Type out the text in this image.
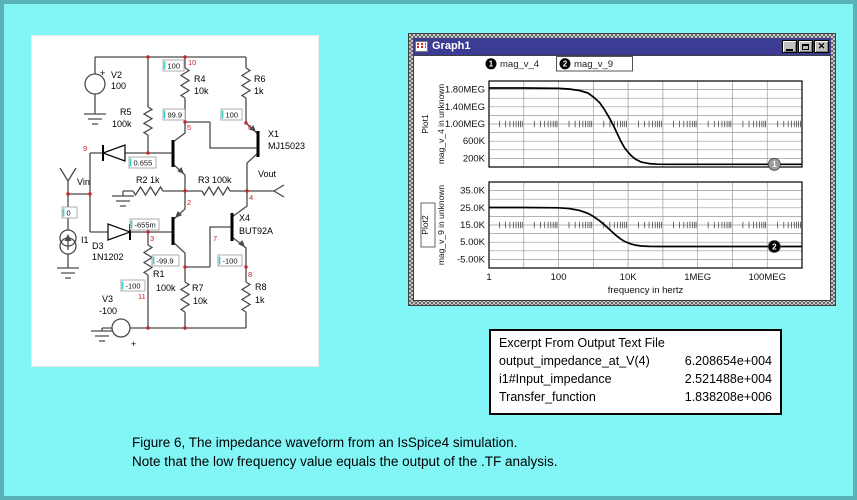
100
99.9	100
0.655
-655m
0
-99.9	-100
-100
+ V2
100
R5
100k
R4
10k
R6
1k
X1
MJ15023
Vout
R3 100k
R2 1k
Vin
I1
D3
1N1202
R1
100k R7
10k
R8
1k
V3
-100
X4
BUT92A
+
9
10
5	6
4
2
3	7
8
11
Graph1	✕
1 mag_v_4	2 mag_v_9
1.80MEG
1.40MEG
1.00MEG
600K
200K
mag_v_4 in unknown
Plot1
1
35.0K
25.0K
15.0K
5.00K
-5.00K
mag_v_9 in unknown
Plot2
2
1	100	10K	1MEG	100MEG
frequency in hertz
Excerpt From Output Text File
output_impedance_at_V(4)	6.208654e+004
i1#Input_impedance	2.521488e+004
Transfer_function	1.838208e+006
Figure 6, The impedance waveform from an IsSpice4 simulation.
Note that the low frequency value equals the output of the .TF analysis.
